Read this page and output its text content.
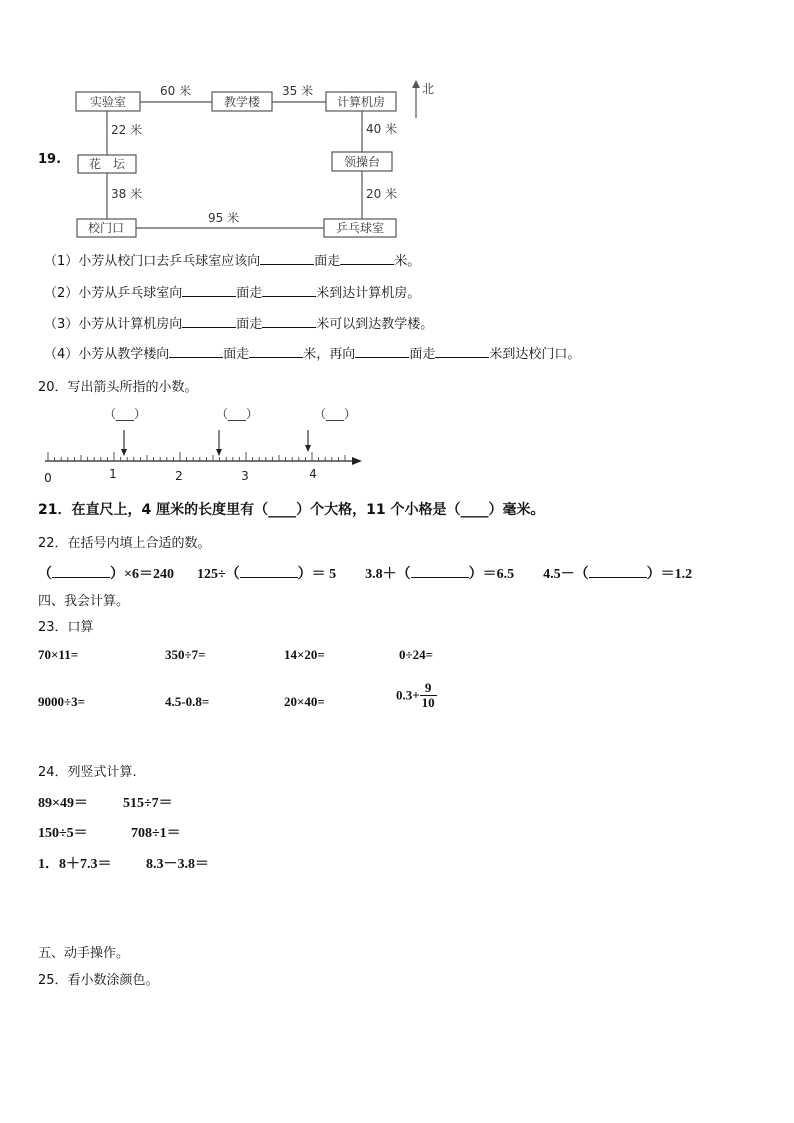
19.
北
实验室	教学楼	计算机房
花　坛	领操台
校门口	乒乓球室
60 米	35 米
22 米	40 米
38 米	20 米
95 米
（1）小芳从校门口去乒乓球室应该向	面走	米。
（2）小芳从乒乓球室向	面走	米到达计算机房。
（3）小芳从计算机房向	面走	米可以到达教学楼。
（4）小芳从教学楼向	面走	米，再向	面走	米到达校门口。
20．写出箭头所指的小数。
（___）	（___）	（___）
0	1	2	3	4
21．在直尺上，4 厘米的长度里有（____）个大格，11 个小格是（____）毫米。
22．在括号内填上合适的数。
（	）×6＝240 125÷（	）＝ 5 3.8＋（	）＝6.5 4.5－（	）＝1.2
四、我会计算。
23．口算
70×11=	350÷7=	14×20=	0÷24=
9000÷3=	4.5-0.8=	20×40=	$0.3+ \frac{9}{10}$
24．列竖式计算.
89×49＝	515÷7＝
150÷5＝	708÷1＝
1．8＋7.3＝ 8.3－3.8＝
五、动手操作。
25．看小数涂颜色。
